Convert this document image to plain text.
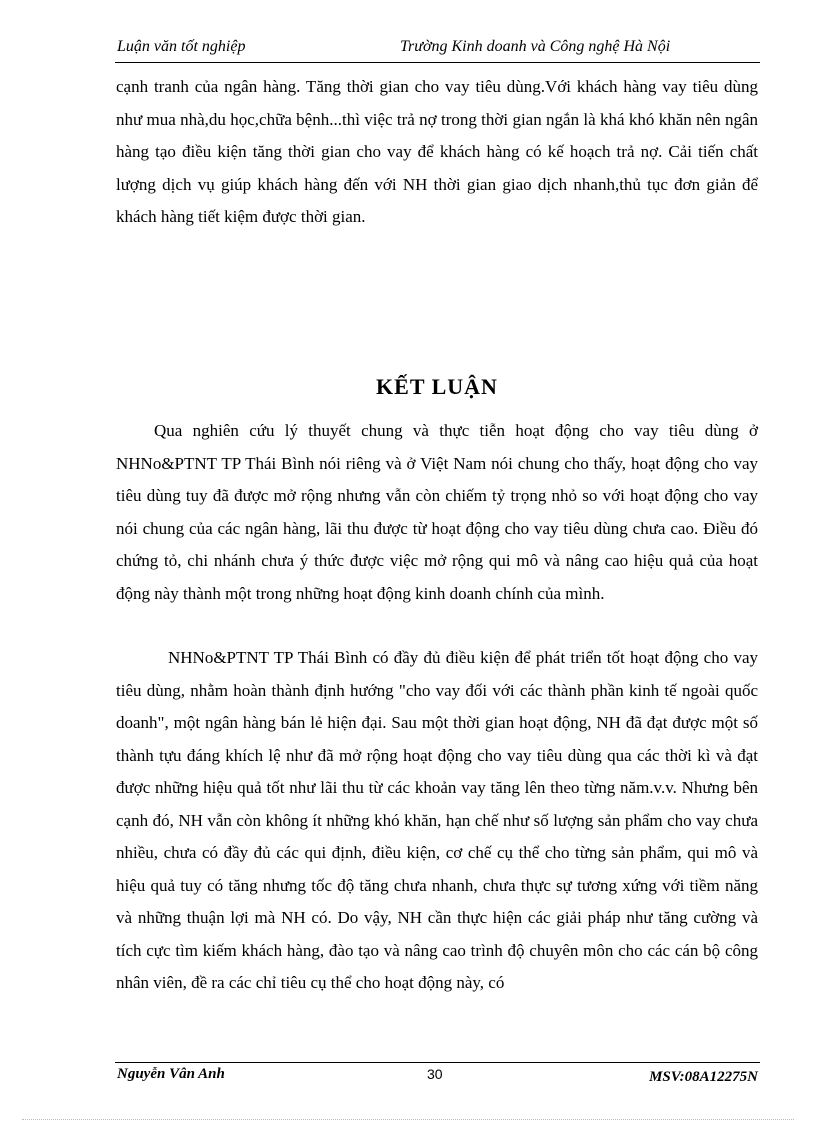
Luận văn tốt nghiệp	Trường Kinh doanh và Công nghệ Hà Nội

cạnh tranh của ngân hàng. Tăng thời gian cho vay tiêu dùng.Với khách hàng vay tiêu dùng như mua nhà,du học,chữa bệnh...thì việc trả nợ trong thời gian ngắn là khá khó khăn nên ngân hàng tạo điều kiện tăng thời gian cho vay để khách hàng có kế hoạch trả nợ. Cải tiến chất lượng dịch vụ giúp khách hàng đến với NH thời gian giao dịch nhanh,thủ tục đơn giản để khách hàng tiết kiệm được thời gian.

KẾT LUẬN

Qua nghiên cứu lý thuyết chung và thực tiễn hoạt động cho vay tiêu dùng ở NHNo&PTNT TP Thái Bình nói riêng và ở Việt Nam nói chung cho thấy, hoạt động cho vay tiêu dùng tuy đã được mở rộng nhưng vẫn còn chiếm tỷ trọng nhỏ so với hoạt động cho vay nói chung của các ngân hàng, lãi thu được từ hoạt động cho vay tiêu dùng chưa cao. Điều đó chứng tỏ, chi nhánh chưa ý thức được việc mở rộng qui mô và nâng cao hiệu quả của hoạt động này thành một trong những hoạt động kinh doanh chính của mình.

NHNo&PTNT TP Thái Bình có đầy đủ điều kiện để phát triển tốt hoạt động cho vay tiêu dùng, nhằm hoàn thành định hướng "cho vay đối với các thành phần kinh tế ngoài quốc doanh", một ngân hàng bán lẻ hiện đại. Sau một thời gian hoạt động, NH đã đạt được một số thành tựu đáng khích lệ như đã mở rộng hoạt động cho vay tiêu dùng qua các thời kì và đạt được những hiệu quả tốt như lãi thu từ các khoản vay tăng lên theo từng năm.v.v. Nhưng bên cạnh đó, NH vẫn còn không ít những khó khăn, hạn chế như số lượng sản phẩm cho vay chưa nhiều, chưa có đầy đủ các qui định, điều kiện, cơ chế cụ thể cho từng sản phẩm, qui mô và hiệu quả tuy có tăng nhưng tốc độ tăng chưa nhanh, chưa thực sự tương xứng với tiềm năng và những thuận lợi mà NH có. Do vậy, NH cần thực hiện các giải pháp như tăng cường và tích cực tìm kiếm khách hàng, đào tạo và nâng cao trình độ chuyên môn cho các cán bộ công nhân viên, đề ra các chỉ tiêu cụ thể cho hoạt động này, có

Nguyễn Vân Anh	30	MSV:08A12275N
